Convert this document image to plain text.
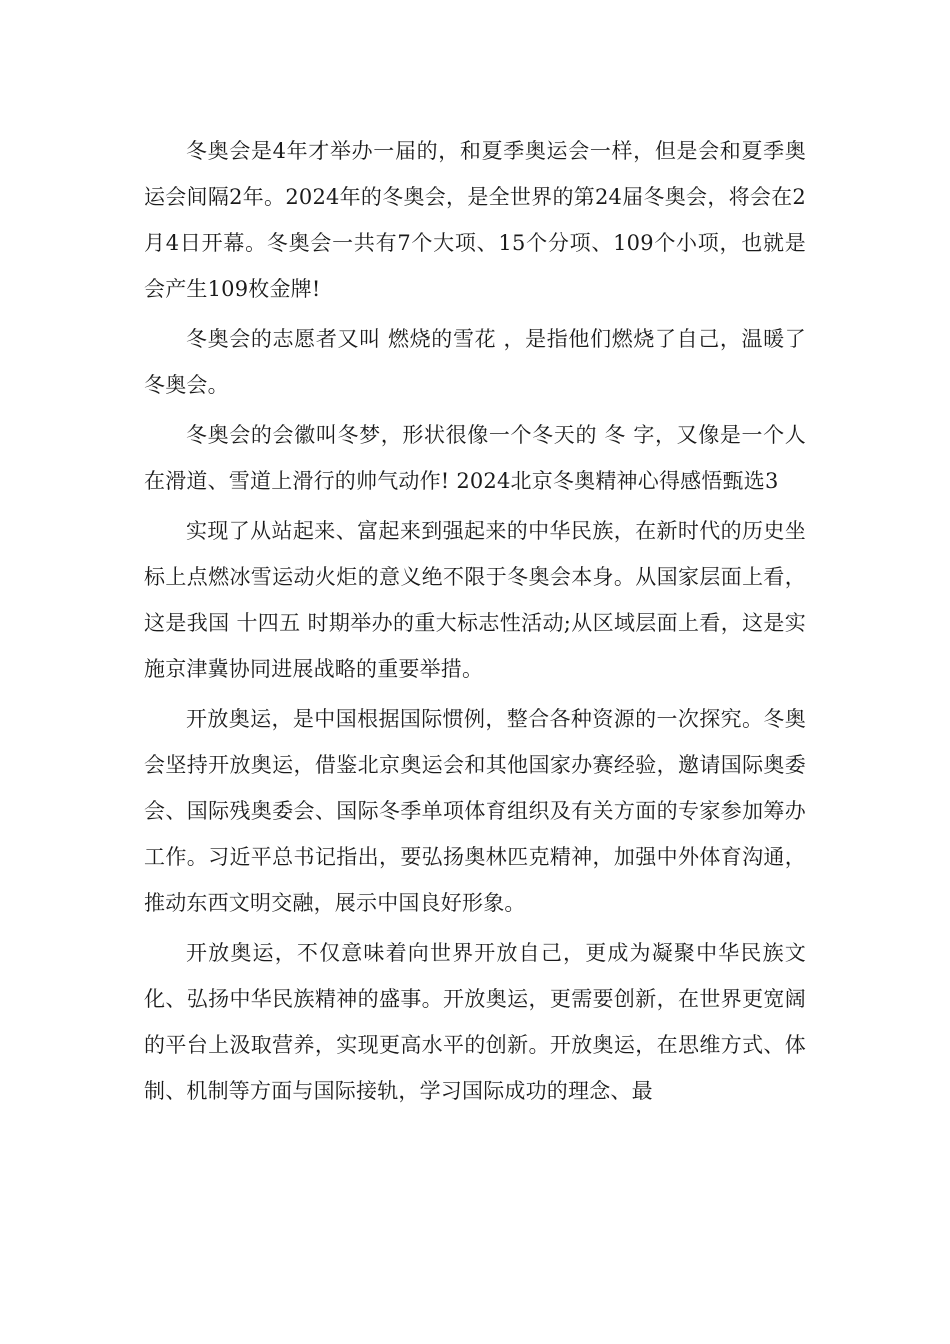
冬奥会是4年才举办一届的，和夏季奥运会一样，但是会和夏季奥运会间隔2年。2024年的冬奥会，是全世界的第24届冬奥会，将会在2月4日开幕。冬奥会一共有7个大项、15个分项、109个小项，也就是会产生109枚金牌!

冬奥会的志愿者又叫 燃烧的雪花 ，是指他们燃烧了自己，温暖了冬奥会。

冬奥会的会徽叫冬梦，形状很像一个冬天的 冬 字，又像是一个人在滑道、雪道上滑行的帅气动作! 2024北京冬奥精神心得感悟甄选3

实现了从站起来、富起来到强起来的中华民族，在新时代的历史坐标上点燃冰雪运动火炬的意义绝不限于冬奥会本身。从国家层面上看，这是我国 十四五 时期举办的重大标志性活动;从区域层面上看，这是实施京津冀协同进展战略的重要举措。

开放奥运，是中国根据国际惯例，整合各种资源的一次探究。冬奥会坚持开放奥运，借鉴北京奥运会和其他国家办赛经验，邀请国际奥委会、国际残奥委会、国际冬季单项体育组织及有关方面的专家参加筹办工作。习近平总书记指出，要弘扬奥林匹克精神，加强中外体育沟通，推动东西文明交融，展示中国良好形象。

开放奥运，不仅意味着向世界开放自己，更成为凝聚中华民族文化、弘扬中华民族精神的盛事。开放奥运，更需要创新，在世界更宽阔的平台上汲取营养，实现更高水平的创新。开放奥运，在思维方式、体制、机制等方面与国际接轨，学习国际成功的理念、最
